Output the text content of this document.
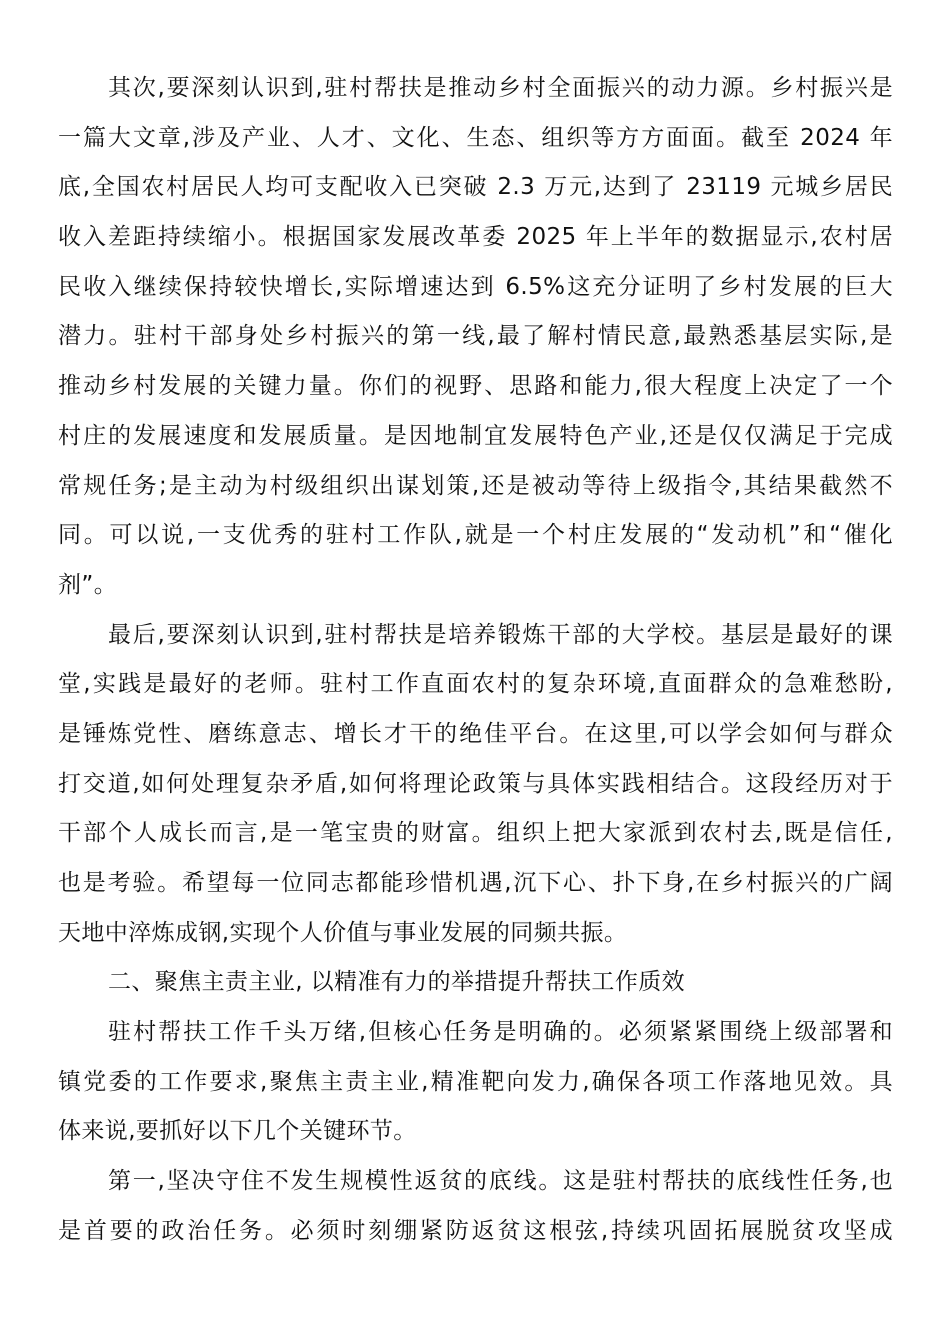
其次,要深刻认识到,驻村帮扶是推动乡村全面振兴的动力源。乡村振兴是
一篇大文章,涉及产业、人才、文化、生态、组织等方方面面。截至 2024 年
底,全国农村居民人均可支配收入已突破 2.3 万元,达到了 23119 元城乡居民
收入差距持续缩小。根据国家发展改革委 2025 年上半年的数据显示,农村居
民收入继续保持较快增长,实际增速达到 6.5%这充分证明了乡村发展的巨大
潜力。驻村干部身处乡村振兴的第一线,最了解村情民意,最熟悉基层实际,是
推动乡村发展的关键力量。你们的视野、思路和能力,很大程度上决定了一个
村庄的发展速度和发展质量。是因地制宜发展特色产业,还是仅仅满足于完成
常规任务;是主动为村级组织出谋划策,还是被动等待上级指令,其结果截然不
同。可以说,一支优秀的驻村工作队,就是一个村庄发展的“发动机”和“催化
剂”。
最后,要深刻认识到,驻村帮扶是培养锻炼干部的大学校。基层是最好的课
堂,实践是最好的老师。驻村工作直面农村的复杂环境,直面群众的急难愁盼,
是锤炼党性、磨练意志、增长才干的绝佳平台。在这里,可以学会如何与群众
打交道,如何处理复杂矛盾,如何将理论政策与具体实践相结合。这段经历对于
干部个人成长而言,是一笔宝贵的财富。组织上把大家派到农村去,既是信任,
也是考验。希望每一位同志都能珍惜机遇,沉下心、扑下身,在乡村振兴的广阔
天地中淬炼成钢,实现个人价值与事业发展的同频共振。
二、聚焦主责主业, 以精准有力的举措提升帮扶工作质效
驻村帮扶工作千头万绪,但核心任务是明确的。必须紧紧围绕上级部署和
镇党委的工作要求,聚焦主责主业,精准靶向发力,确保各项工作落地见效。具
体来说,要抓好以下几个关键环节。
第一,坚决守住不发生规模性返贫的底线。这是驻村帮扶的底线性任务,也
是首要的政治任务。必须时刻绷紧防返贫这根弦,持续巩固拓展脱贫攻坚成
